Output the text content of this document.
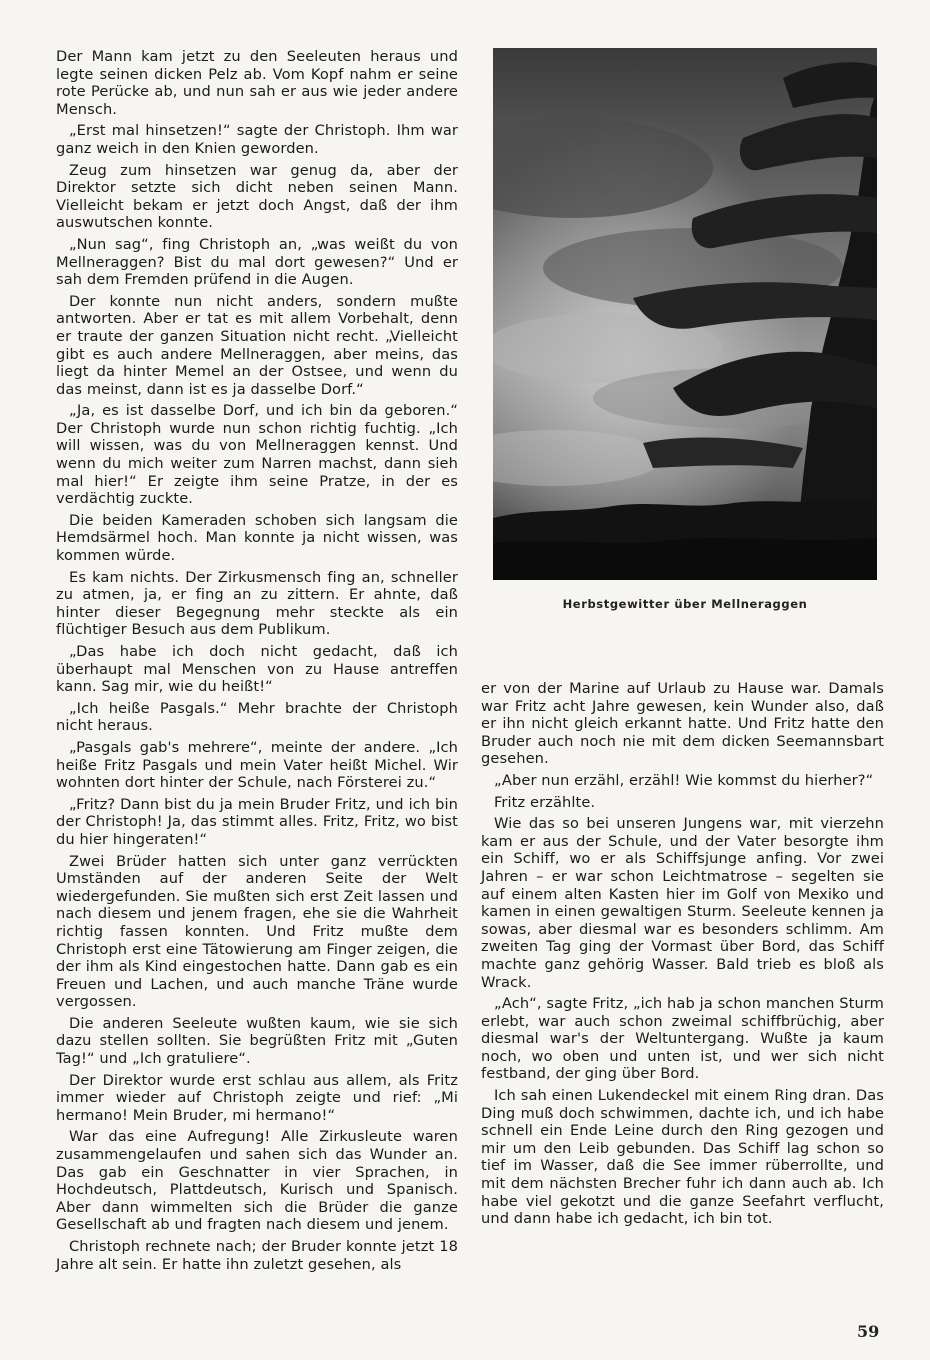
Der Mann kam jetzt zu den Seeleuten heraus und legte seinen dicken Pelz ab. Vom Kopf nahm er seine rote Perücke ab, und nun sah er aus wie jeder andere Mensch.

„Erst mal hinsetzen!“ sagte der Christoph. Ihm war ganz weich in den Knien geworden.

Zeug zum hinsetzen war genug da, aber der Direktor setzte sich dicht neben seinen Mann. Vielleicht bekam er jetzt doch Angst, daß der ihm auswutschen konnte.

„Nun sag“, fing Christoph an, „was weißt du von Mellneraggen? Bist du mal dort gewesen?“ Und er sah dem Fremden prüfend in die Augen.

Der konnte nun nicht anders, sondern mußte antworten. Aber er tat es mit allem Vorbehalt, denn er traute der ganzen Situation nicht recht. „Vielleicht gibt es auch andere Mellneraggen, aber meins, das liegt da hinter Memel an der Ostsee, und wenn du das meinst, dann ist es ja dasselbe Dorf.“

„Ja, es ist dasselbe Dorf, und ich bin da geboren.“ Der Christoph wurde nun schon richtig fuchtig. „Ich will wissen, was du von Mellneraggen kennst. Und wenn du mich weiter zum Narren machst, dann sieh mal hier!“ Er zeigte ihm seine Pratze, in der es verdächtig zuckte.

Die beiden Kameraden schoben sich langsam die Hemdsärmel hoch. Man konnte ja nicht wissen, was kommen würde.

Es kam nichts. Der Zirkusmensch fing an, schneller zu atmen, ja, er fing an zu zittern. Er ahnte, daß hinter dieser Begegnung mehr steckte als ein flüchtiger Besuch aus dem Publikum.

„Das habe ich doch nicht gedacht, daß ich überhaupt mal Menschen von zu Hause antreffen kann. Sag mir, wie du heißt!“

„Ich heiße Pasgals.“ Mehr brachte der Christoph nicht heraus.

„Pasgals gab's mehrere“, meinte der andere. „Ich heiße Fritz Pasgals und mein Vater heißt Michel. Wir wohnten dort hinter der Schule, nach Försterei zu.“

„Fritz? Dann bist du ja mein Bruder Fritz, und ich bin der Christoph! Ja, das stimmt alles. Fritz, Fritz, wo bist du hier hingeraten!“

Zwei Brüder hatten sich unter ganz verrückten Umständen auf der anderen Seite der Welt wiedergefunden. Sie mußten sich erst Zeit lassen und nach diesem und jenem fragen, ehe sie die Wahrheit richtig fassen konnten. Und Fritz mußte dem Christoph erst eine Tätowierung am Finger zeigen, die der ihm als Kind eingestochen hatte. Dann gab es ein Freuen und Lachen, und auch manche Träne wurde vergossen.

Die anderen Seeleute wußten kaum, wie sie sich dazu stellen sollten. Sie begrüßten Fritz mit „Guten Tag!“ und „Ich gratuliere“.

Der Direktor wurde erst schlau aus allem, als Fritz immer wieder auf Christoph zeigte und rief: „Mi hermano! Mein Bruder, mi hermano!“

War das eine Aufregung! Alle Zirkusleute waren zusammengelaufen und sahen sich das Wunder an. Das gab ein Geschnatter in vier Sprachen, in Hochdeutsch, Plattdeutsch, Kurisch und Spanisch. Aber dann wimmelten sich die Brüder die ganze Gesellschaft ab und fragten nach diesem und jenem.

Christoph rechnete nach; der Bruder konnte jetzt 18 Jahre alt sein. Er hatte ihn zuletzt gesehen, als

Herbstgewitter über Mellneraggen

er von der Marine auf Urlaub zu Hause war. Damals war Fritz acht Jahre gewesen, kein Wunder also, daß er ihn nicht gleich erkannt hatte. Und Fritz hatte den Bruder auch noch nie mit dem dicken Seemannsbart gesehen.

„Aber nun erzähl, erzähl! Wie kommst du hierher?“

Fritz erzählte.

Wie das so bei unseren Jungens war, mit vierzehn kam er aus der Schule, und der Vater besorgte ihm ein Schiff, wo er als Schiffsjunge anfing. Vor zwei Jahren – er war schon Leichtmatrose – segelten sie auf einem alten Kasten hier im Golf von Mexiko und kamen in einen gewaltigen Sturm. Seeleute kennen ja sowas, aber diesmal war es besonders schlimm. Am zweiten Tag ging der Vormast über Bord, das Schiff machte ganz gehörig Wasser. Bald trieb es bloß als Wrack.

„Ach“, sagte Fritz, „ich hab ja schon manchen Sturm erlebt, war auch schon zweimal schiffbrüchig, aber diesmal war's der Weltuntergang. Wußte ja kaum noch, wo oben und unten ist, und wer sich nicht festband, der ging über Bord.

Ich sah einen Lukendeckel mit einem Ring dran. Das Ding muß doch schwimmen, dachte ich, und ich habe schnell ein Ende Leine durch den Ring gezogen und mir um den Leib gebunden. Das Schiff lag schon so tief im Wasser, daß die See immer rüberrollte, und mit dem nächsten Brecher fuhr ich dann auch ab. Ich habe viel gekotzt und die ganze Seefahrt verflucht, und dann habe ich gedacht, ich bin tot.

59
